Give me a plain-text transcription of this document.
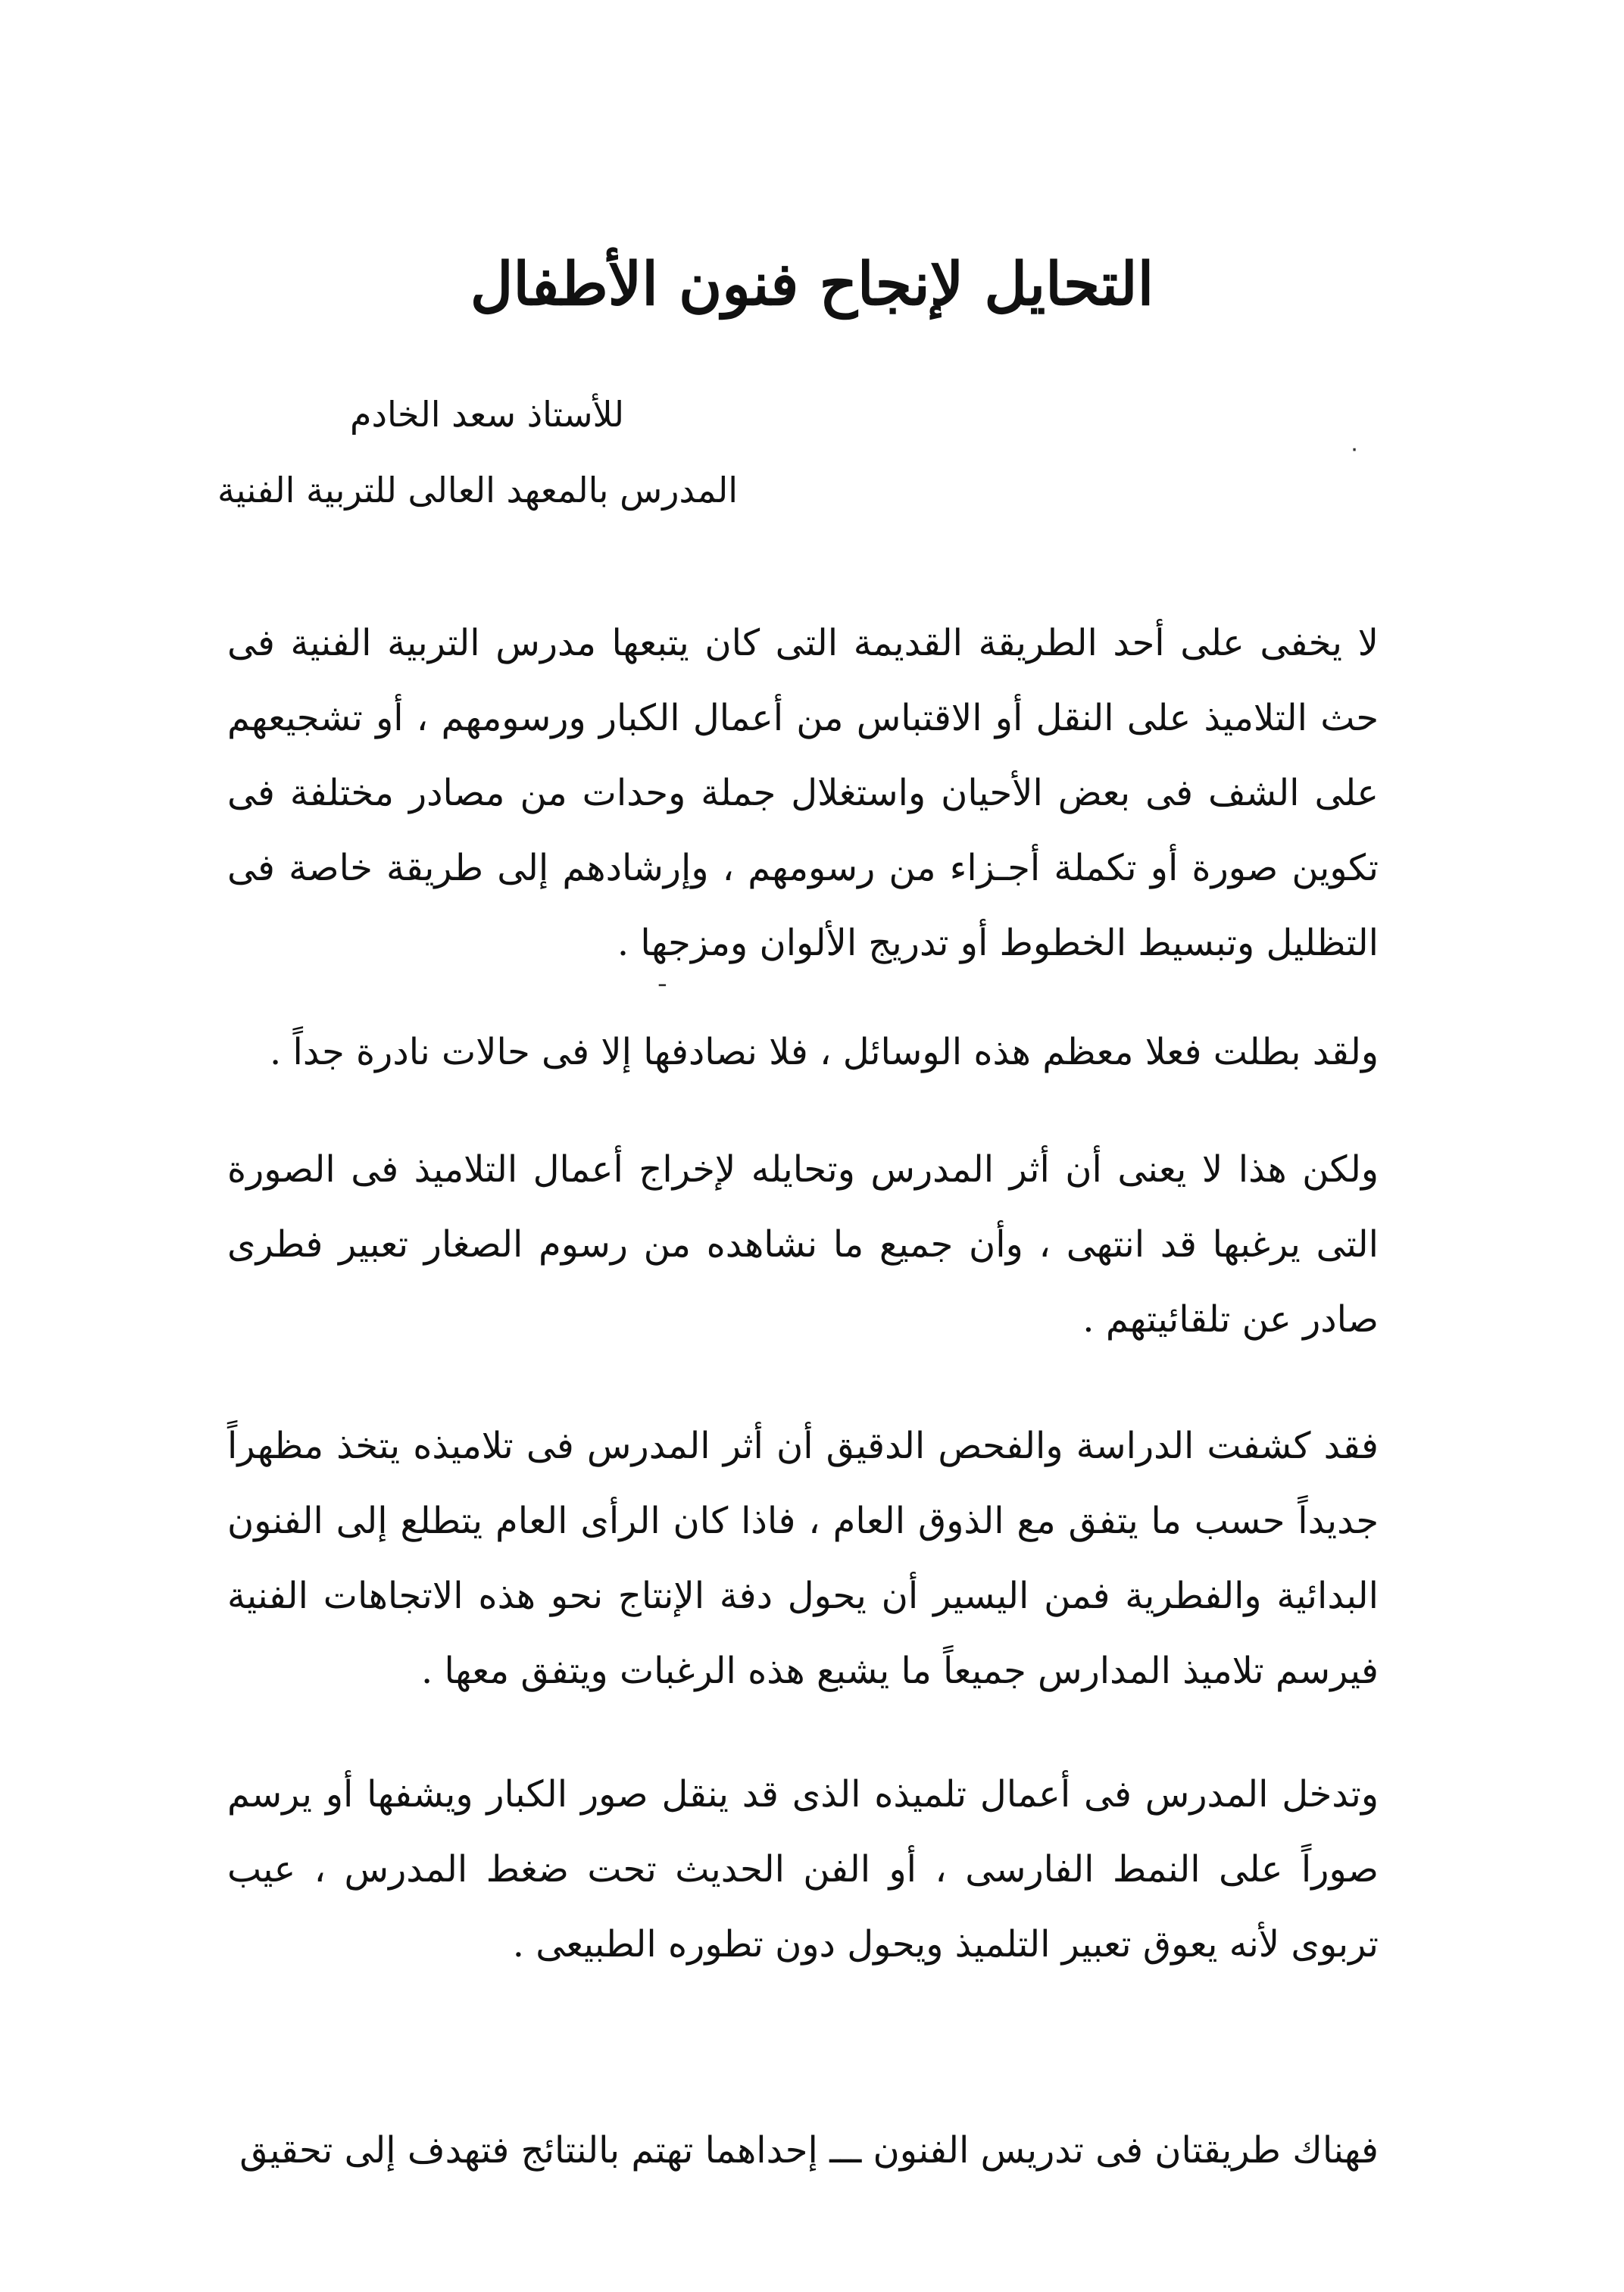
التحايل لإنجاح فنون الأطفال
للأستاذ سعد الخادم
المدرس بالمعهد العالى للتربية الفنية
لا يخفى على أحد الطريقة القديمة التى كان يتبعها مدرس التربية الفنية فى حث التلاميذ على النقل أو الاقتباس من أعمال الكبار ورسومهم ، أو تشجيعهم على الشف فى بعض الأحيان واستغلال جملة وحدات من مصادر مختلفة فى تكوين صورة أو تكملة أجـزاء من رسومهم ، وإرشادهم إلى طريقة خاصة فى التظليل وتبسيط الخطوط أو تدريج الألوان ومزجها .
ولقد بطلت فعلا معظم هذه الوسائل ، فلا نصادفها إلا فى حالات نادرة جداً .
ولكن هذا لا يعنى أن أثر المدرس وتحايله لإخراج أعمال التلاميذ فى الصورة التى يرغبها قد انتهى ، وأن جميع ما نشاهده من رسوم الصغار تعبير فطرى صادر عن تلقائيتهم .
فقد كشفت الدراسة والفحص الدقيق أن أثر المدرس فى تلاميذه يتخذ مظهراً جديداً حسب ما يتفق مع الذوق العام ، فاذا كان الرأى العام يتطلع إلى الفنون البدائية والفطرية فمن اليسير أن يحول دفة الإنتاج نحو هذه الاتجاهات الفنية فيرسم تلاميذ المدارس جميعاً ما يشبع هذه الرغبات ويتفق معها .
وتدخل المدرس فى أعمال تلميذه الذى قد ينقل صور الكبار ويشفها أو يرسم صوراً على النمط الفارسى ، أو الفن الحديث تحت ضغط المدرس ، عيب تربوى لأنه يعوق تعبير التلميذ ويحول دون تطوره الطبيعى .
فهناك طريقتان فى تدريس الفنون ـــ إحداهما تهتم بالنتائج فتهدف إلى تحقيق
٠
ـ
